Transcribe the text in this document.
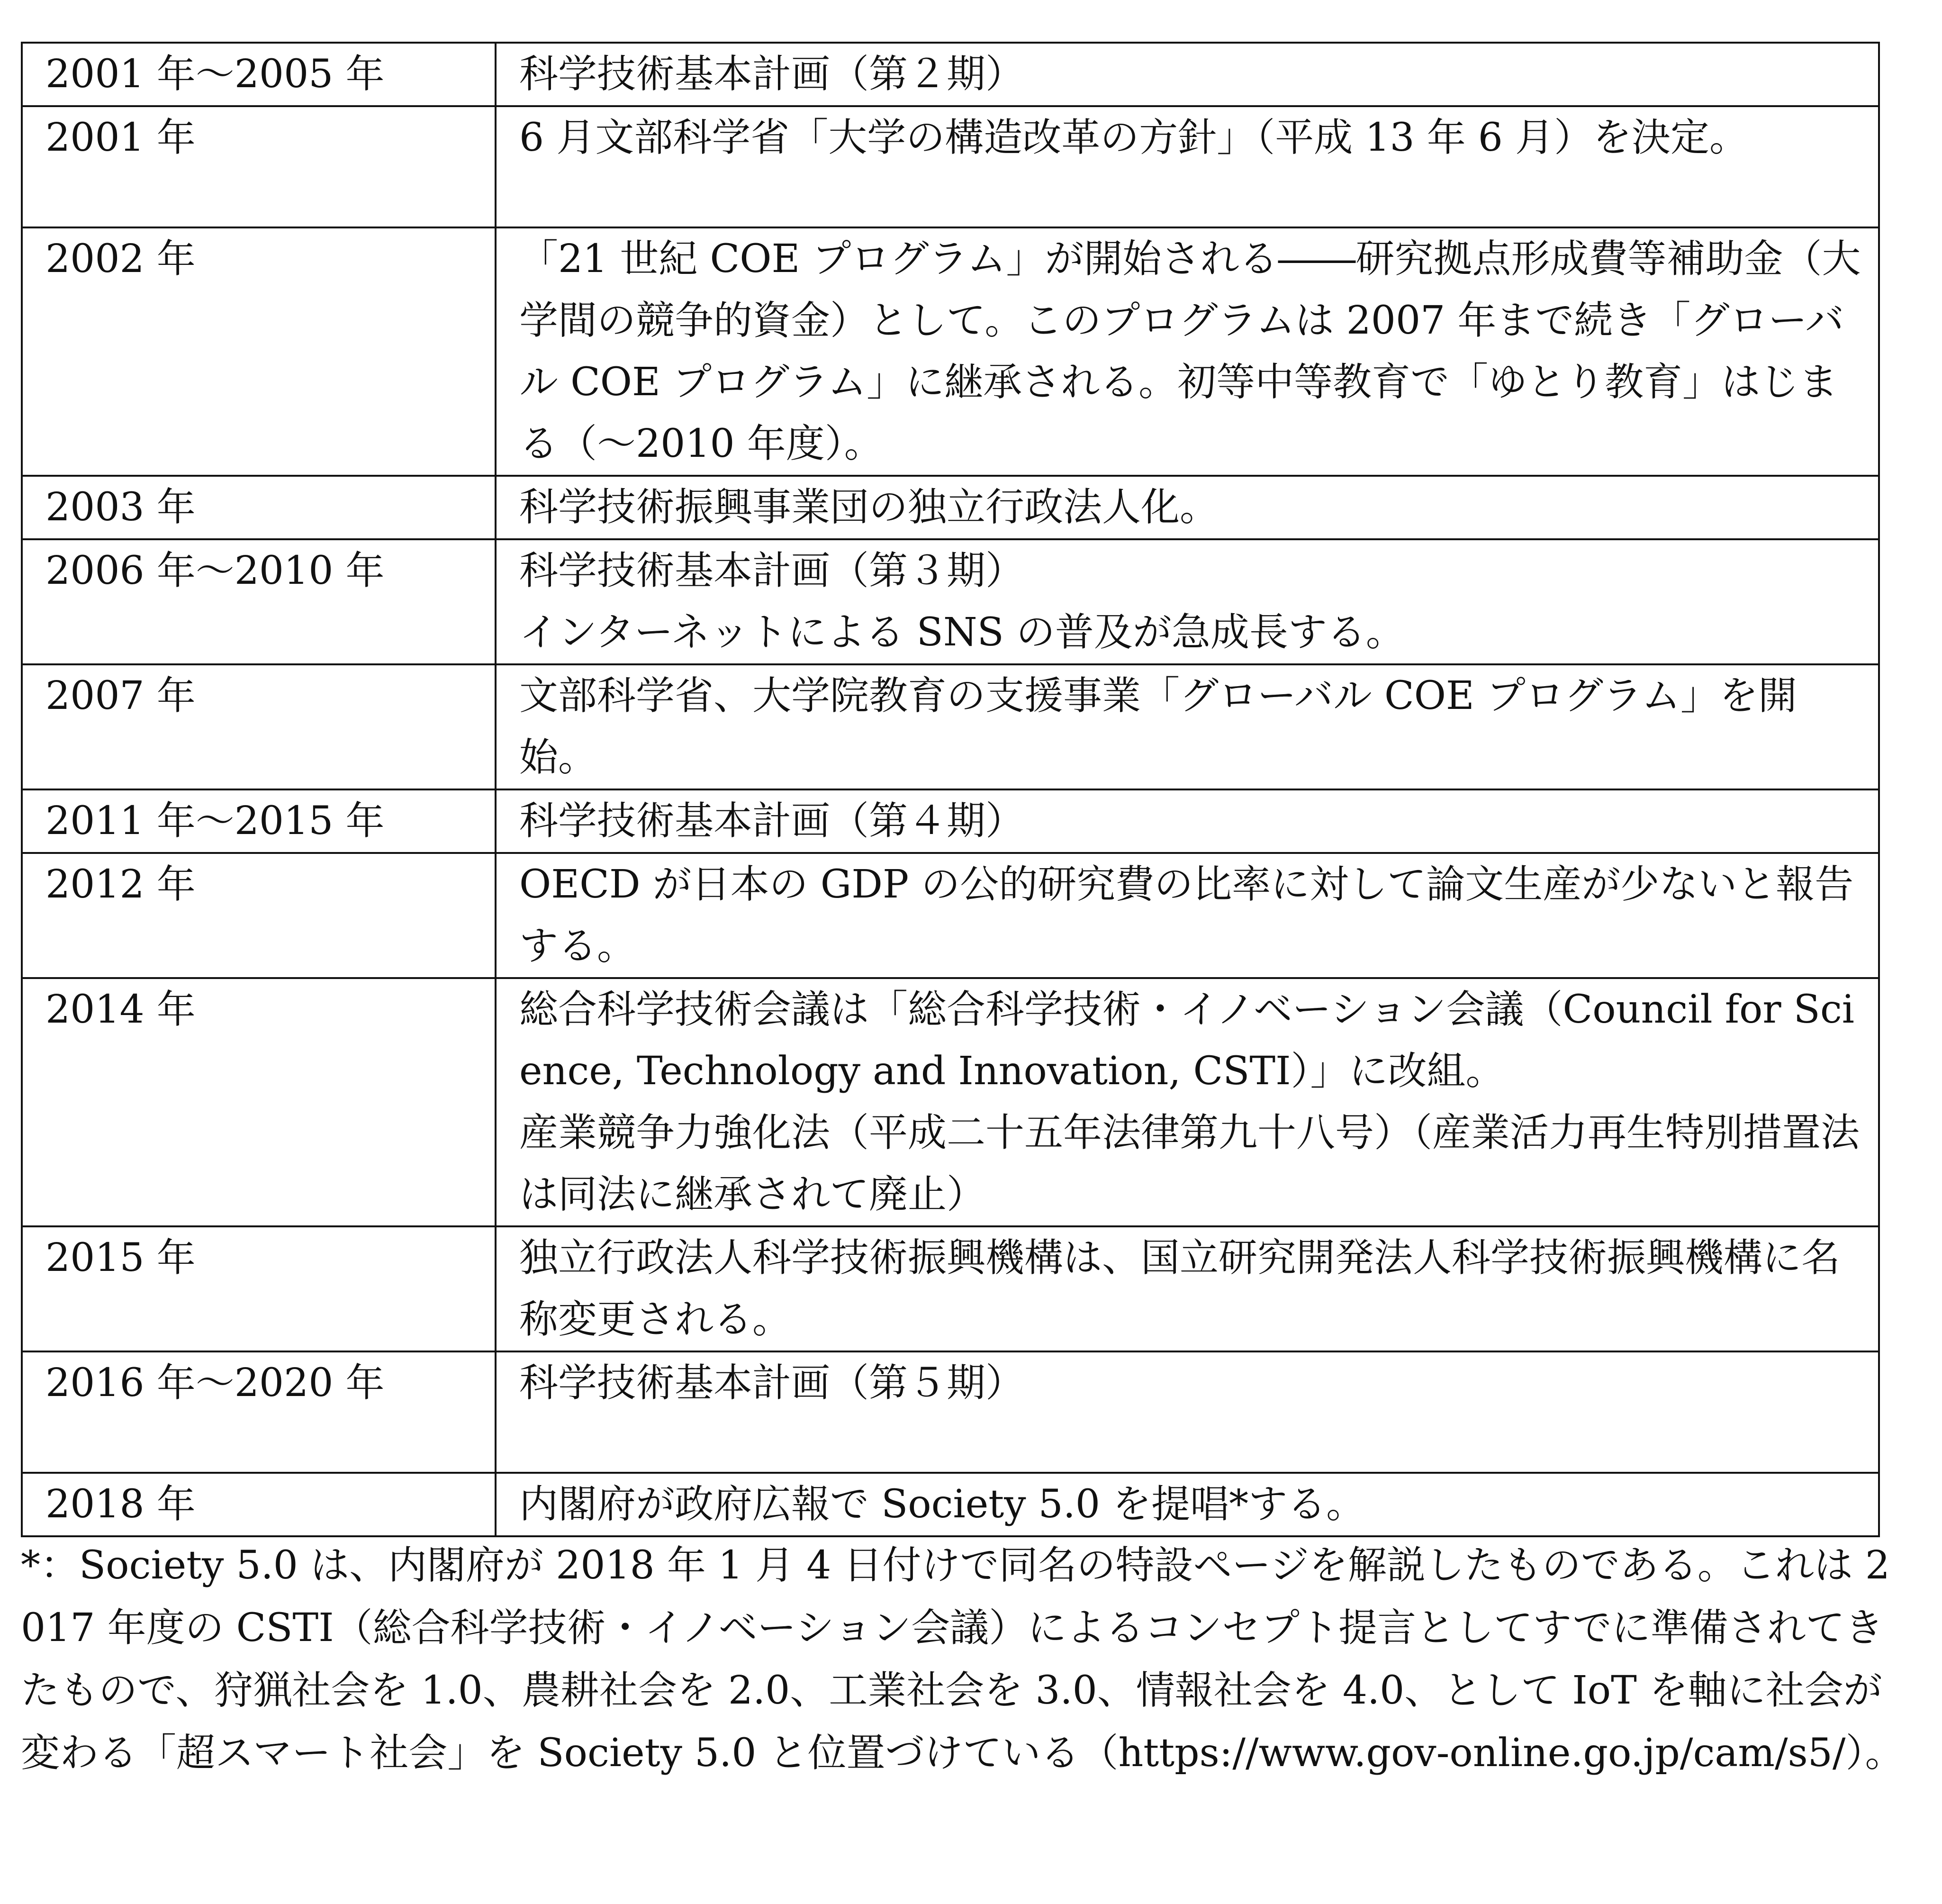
2001 年〜2005 年	科学技術基本計画（第２期）

2001 年	6 月文部科学省「大学の構造改革の方針」（平成 13 年 6 月）を決定。

2002 年	「21 世紀 COE プログラム」が開始される――研究拠点形成費等補助金（大学間の競争的資金）として。このプログラムは 2007 年まで続き「グローバル COE プログラム」に継承される。初等中等教育で「ゆとり教育」はじまる（〜2010 年度）。

2003 年	科学技術振興事業団の独立行政法人化。

2006 年〜2010 年	科学技術基本計画（第３期）
インターネットによる SNS の普及が急成長する。

2007 年	文部科学省、大学院教育の支援事業「グローバル COE プログラム」を開始。

2011 年〜2015 年	科学技術基本計画（第４期）

2012 年	OECD が日本の GDP の公的研究費の比率に対して論文生産が少ないと報告する。

2014 年	総合科学技術会議は「総合科学技術・イノベーション会議（Council for Science, Technology and Innovation, CSTI）」に改組。
産業競争力強化法（平成二十五年法律第九十八号）（産業活力再生特別措置法は同法に継承されて廃止）

2015 年	独立行政法人科学技術振興機構は、国立研究開発法人科学技術振興機構に名称変更される。

2016 年〜2020 年	科学技術基本計画（第５期）

2018 年	内閣府が政府広報で Society 5.0 を提唱*する。
*：Society 5.0 は、内閣府が 2018 年 1 月 4 日付けで同名の特設ページを解説したものである。これは 2017 年度の CSTI（総合科学技術・イノベーション会議）によるコンセプト提言としてすでに準備されてきたもので、狩猟社会を 1.0、農耕社会を 2.0、工業社会を 3.0、情報社会を 4.0、として IoT を軸に社会が変わる「超スマート社会」を Society 5.0 と位置づけている（https://www.gov-online.go.jp/cam/s5/）。
